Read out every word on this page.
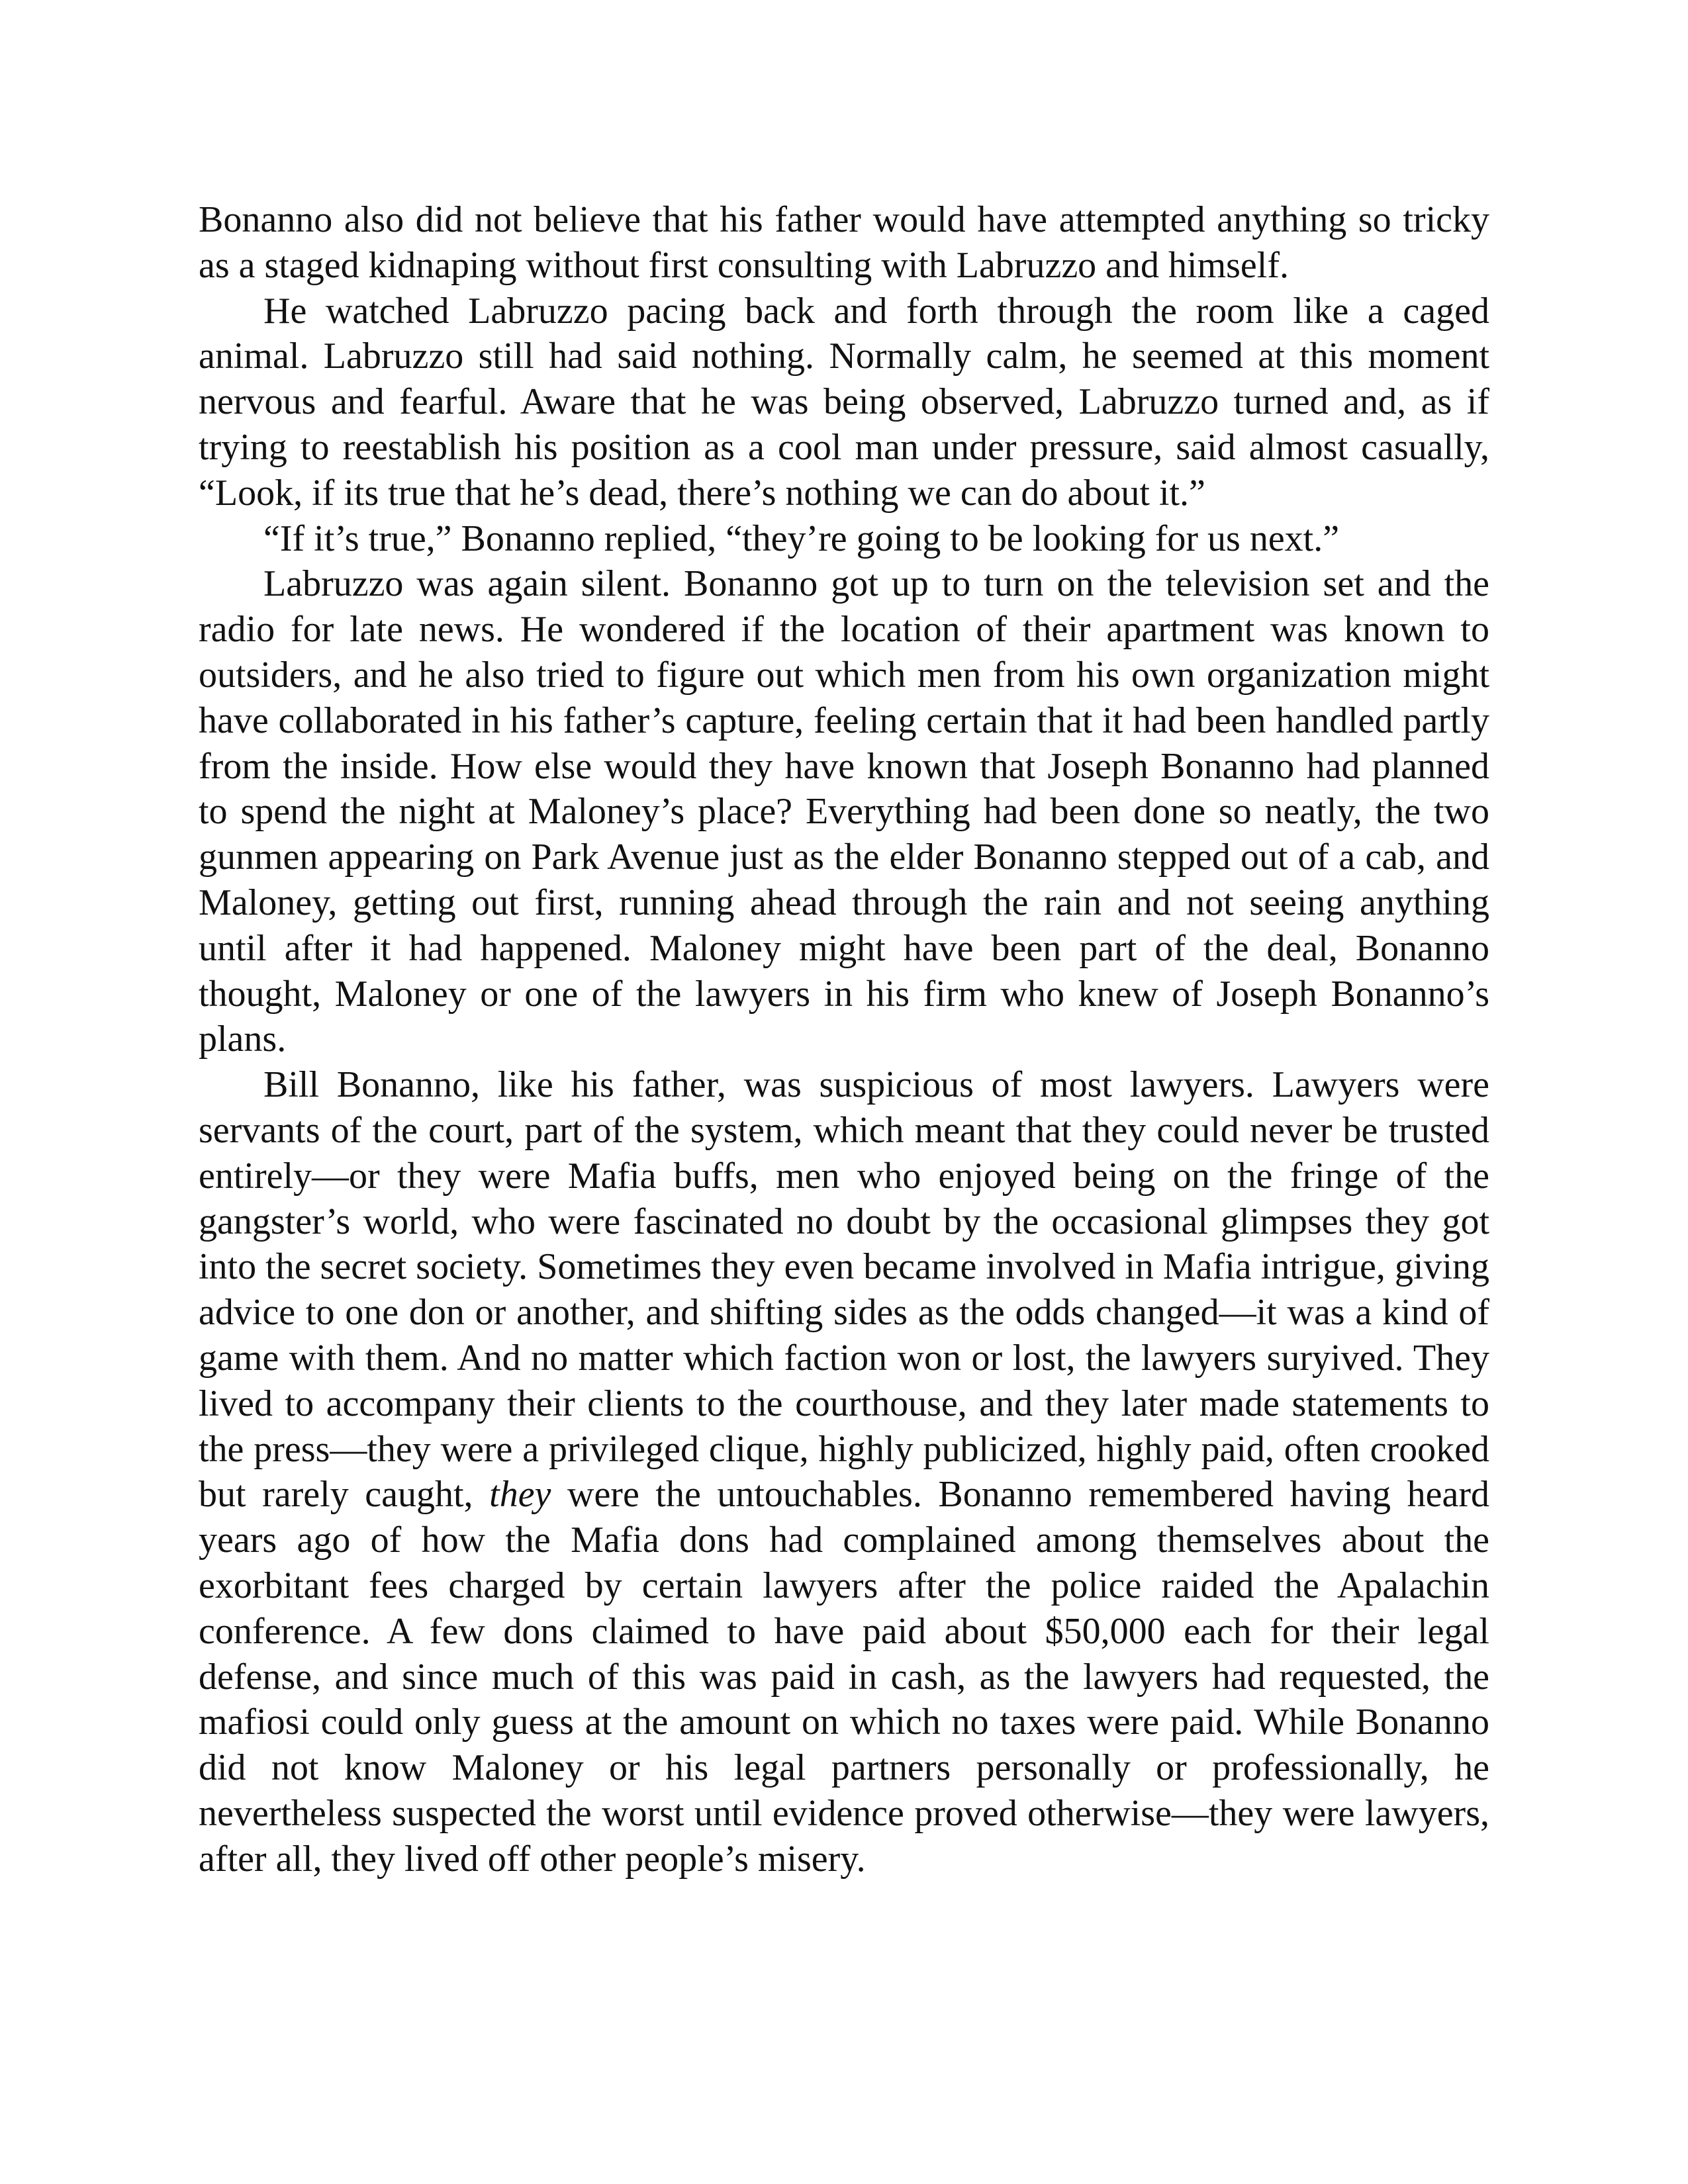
Bonanno also did not believe that his father would have attempted anything so tricky as a staged kidnaping without first consulting with Labruzzo and himself.

He watched Labruzzo pacing back and forth through the room like a caged animal. Labruzzo still had said nothing. Normally calm, he seemed at this moment nervous and fearful. Aware that he was being observed, Labruzzo turned and, as if trying to reestablish his position as a cool man under pressure, said almost casually, “Look, if its true that he’s dead, there’s nothing we can do about it.”

“If it’s true,” Bonanno replied, “they’re going to be looking for us next.”

Labruzzo was again silent. Bonanno got up to turn on the television set and the radio for late news. He wondered if the location of their apartment was known to outsiders, and he also tried to figure out which men from his own organization might have collaborated in his father’s capture, feeling certain that it had been handled partly from the inside. How else would they have known that Joseph Bonanno had planned to spend the night at Maloney’s place? Everything had been done so neatly, the two gunmen appearing on Park Avenue just as the elder Bonanno stepped out of a cab, and Maloney, getting out first, running ahead through the rain and not seeing anything until after it had happened. Maloney might have been part of the deal, Bonanno thought, Maloney or one of the lawyers in his firm who knew of Joseph Bonanno’s plans.

Bill Bonanno, like his father, was suspicious of most lawyers. Lawyers were servants of the court, part of the system, which meant that they could never be trusted entirely—or they were Mafia buffs, men who enjoyed being on the fringe of the gangster’s world, who were fascinated no doubt by the occasional glimpses they got into the secret society. Sometimes they even became involved in Mafia intrigue, giving advice to one don or another, and shifting sides as the odds changed—it was a kind of game with them. And no matter which faction won or lost, the lawyers suryived. They lived to accompany their clients to the courthouse, and they later made statements to the press—they were a privileged clique, highly publicized, highly paid, often crooked but rarely caught, they were the untouchables. Bonanno remembered having heard years ago of how the Mafia dons had complained among themselves about the exorbitant fees charged by certain lawyers after the police raided the Apalachin conference. A few dons claimed to have paid about $50,000 each for their legal defense, and since much of this was paid in cash, as the lawyers had requested, the mafiosi could only guess at the amount on which no taxes were paid. While Bonanno did not know Maloney or his legal partners personally or professionally, he nevertheless suspected the worst until evidence proved otherwise—they were lawyers, after all, they lived off other people’s misery.
